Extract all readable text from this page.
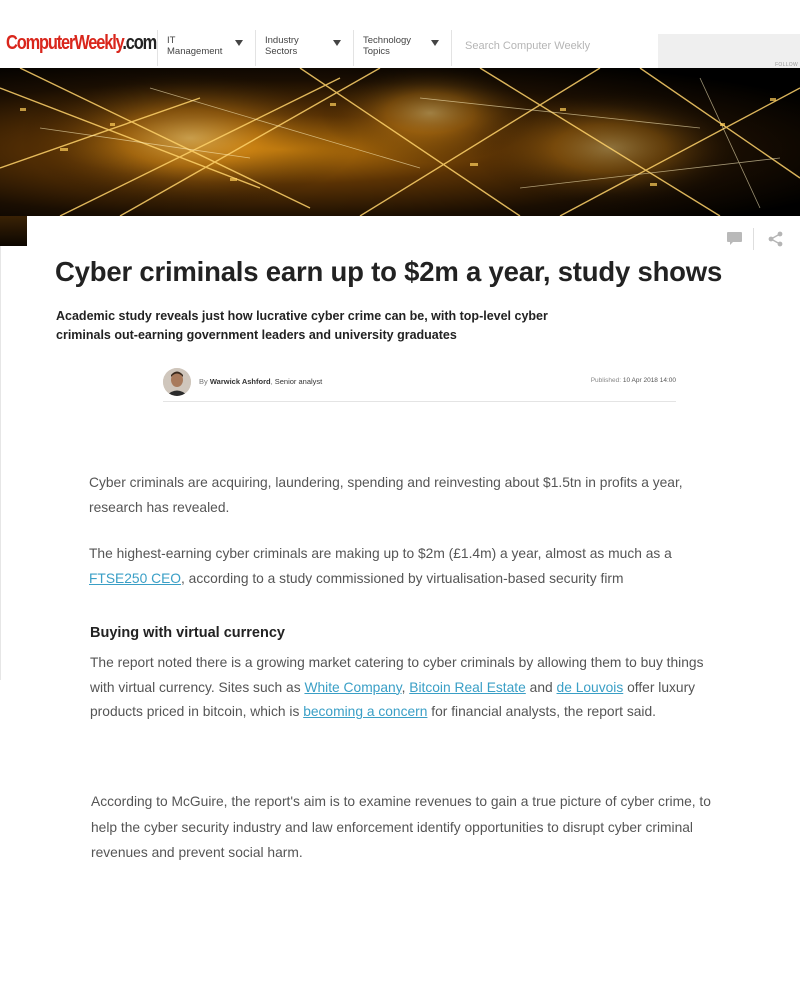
ComputerWeekly.com IT Management
Industry Sectors
Technology Topics
Search Computer Weekly
FOLLOW
Cyber criminals earn up to $2m a year, study shows

Academic study reveals just how lucrative cyber crime can be, with top-level cyber criminals out-earning government leaders and university graduates

By Warwick Ashford, Senior analyst	Published: 10 Apr 2018 14:00

Cyber criminals are acquiring, laundering, spending and reinvesting about $1.5tn in profits a year, research has revealed.

The highest-earning cyber criminals are making up to $2m (£1.4m) a year, almost as much as a FTSE250 CEO, according to a study commissioned by virtualisation-based security firm

Buying with virtual currency

The report noted there is a growing market catering to cyber criminals by allowing them to buy things with virtual currency. Sites such as White Company, Bitcoin Real Estate and de Louvois offer luxury products priced in bitcoin, which is becoming a concern for financial analysts, the report said.

According to McGuire, the report's aim is to examine revenues to gain a true picture of cyber crime, to help the cyber security industry and law enforcement identify opportunities to disrupt cyber criminal revenues and prevent social harm.
